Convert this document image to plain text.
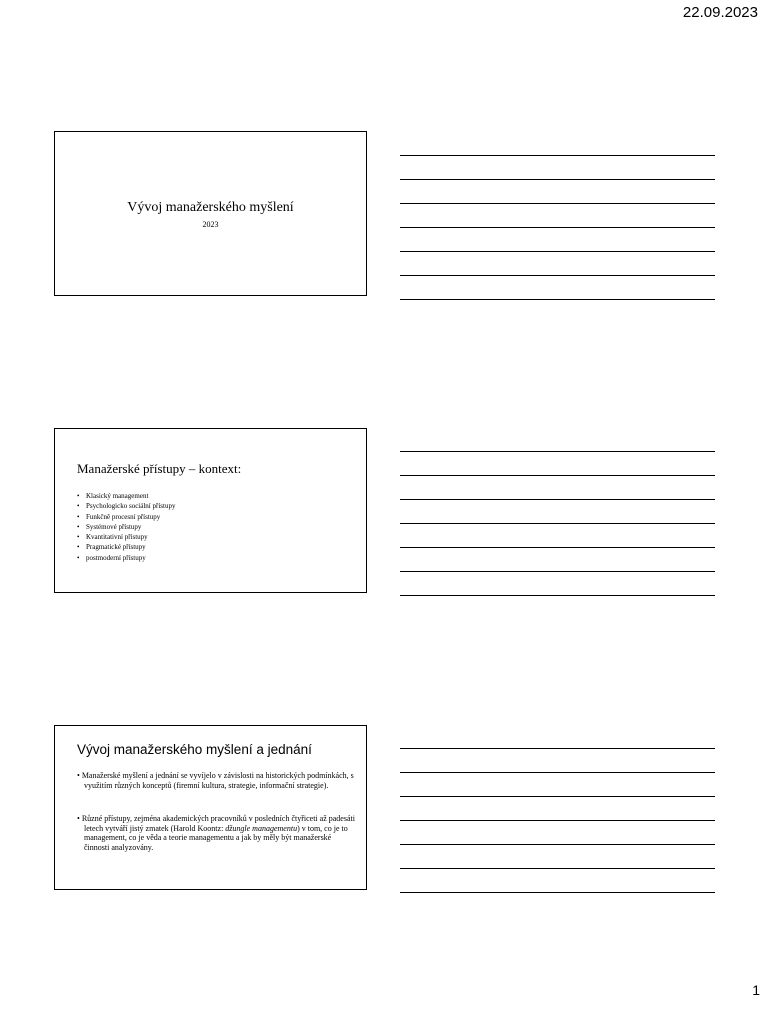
22.09.2023
Vývoj manažerského myšlení
2023
Manažerské přístupy – kontext:
• Klasický management
• Psychologicko sociální přístupy
• Funkčně procesní přístupy
• Systémové přístupy
• Kvantitativní přístupy
• Pragmatické přístupy
• postmoderní přístupy
Vývoj manažerského myšlení a jednání

• Manažerské myšlení a jednání se vyvíjelo v závislosti na historických podmínkách, s využitím různých konceptů (firemní kultura, strategie, informační strategie).

• Různé přístupy, zejména akademických pracovníků v posledních čtyřiceti až padesáti letech vytváří jistý zmatek (Harold Koontz: džungle managementu) v tom, co je to management, co je věda a teorie managementu a jak by měly být manažerské činnosti analyzovány.

1
